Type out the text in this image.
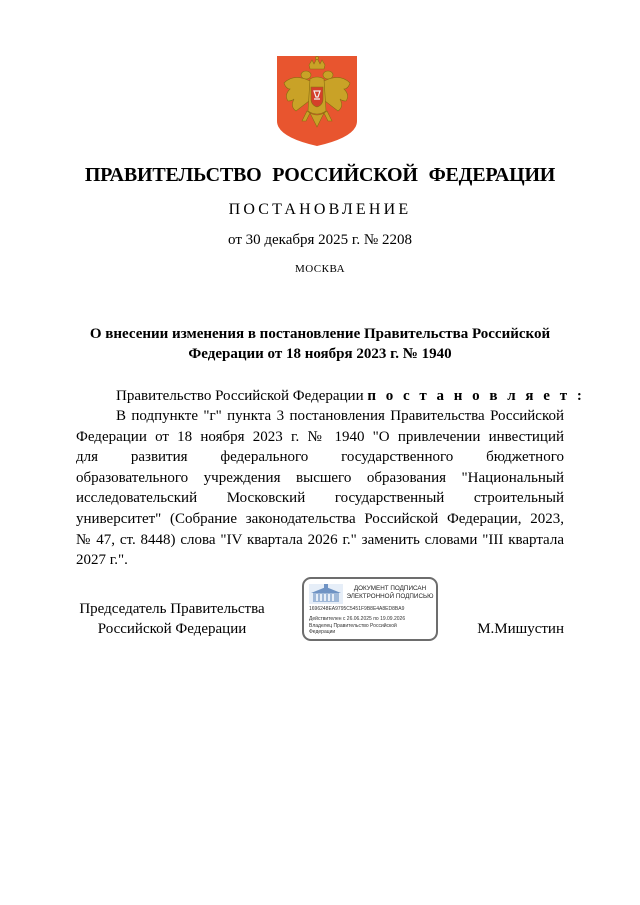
ПРАВИТЕЛЬСТВО РОССИЙСКОЙ ФЕДЕРАЦИИ
ПОСТАНОВЛЕНИЕ
от 30 декабря 2025 г. № 2208
МОСКВА
О внесении изменения в постановление Правительства Российской
Федерации от 18 ноября 2023 г. № 1940
Правительство Российской Федерации п о с т а н о в л я е т :
В подпункте "г" пункта 3 постановления Правительства Российской
Федерации от 18 ноября 2023 г. № 1940 "О привлечении инвестиций
для развития федерального государственного бюджетного
образовательного учреждения высшего образования "Национальный
исследовательский Московский государственный строительный
университет" (Собрание законодательства Российской Федерации, 2023,
№ 47, ст. 8448) слова "IV квартала 2026 г." заменить словами "III квартала
2027 г.".
Председатель Правительства
Российской Федерации
ДОКУМЕНТ ПОДПИСАН
ЭЛЕКТРОННОЙ ПОДПИСЬЮ
1696248EA9795C5451F9B8E4A8ED8BA9
Действителен с 26.06.2025 по 19.09.2026
Владелец Правительство Российской
Федерации	М.Мишустин
